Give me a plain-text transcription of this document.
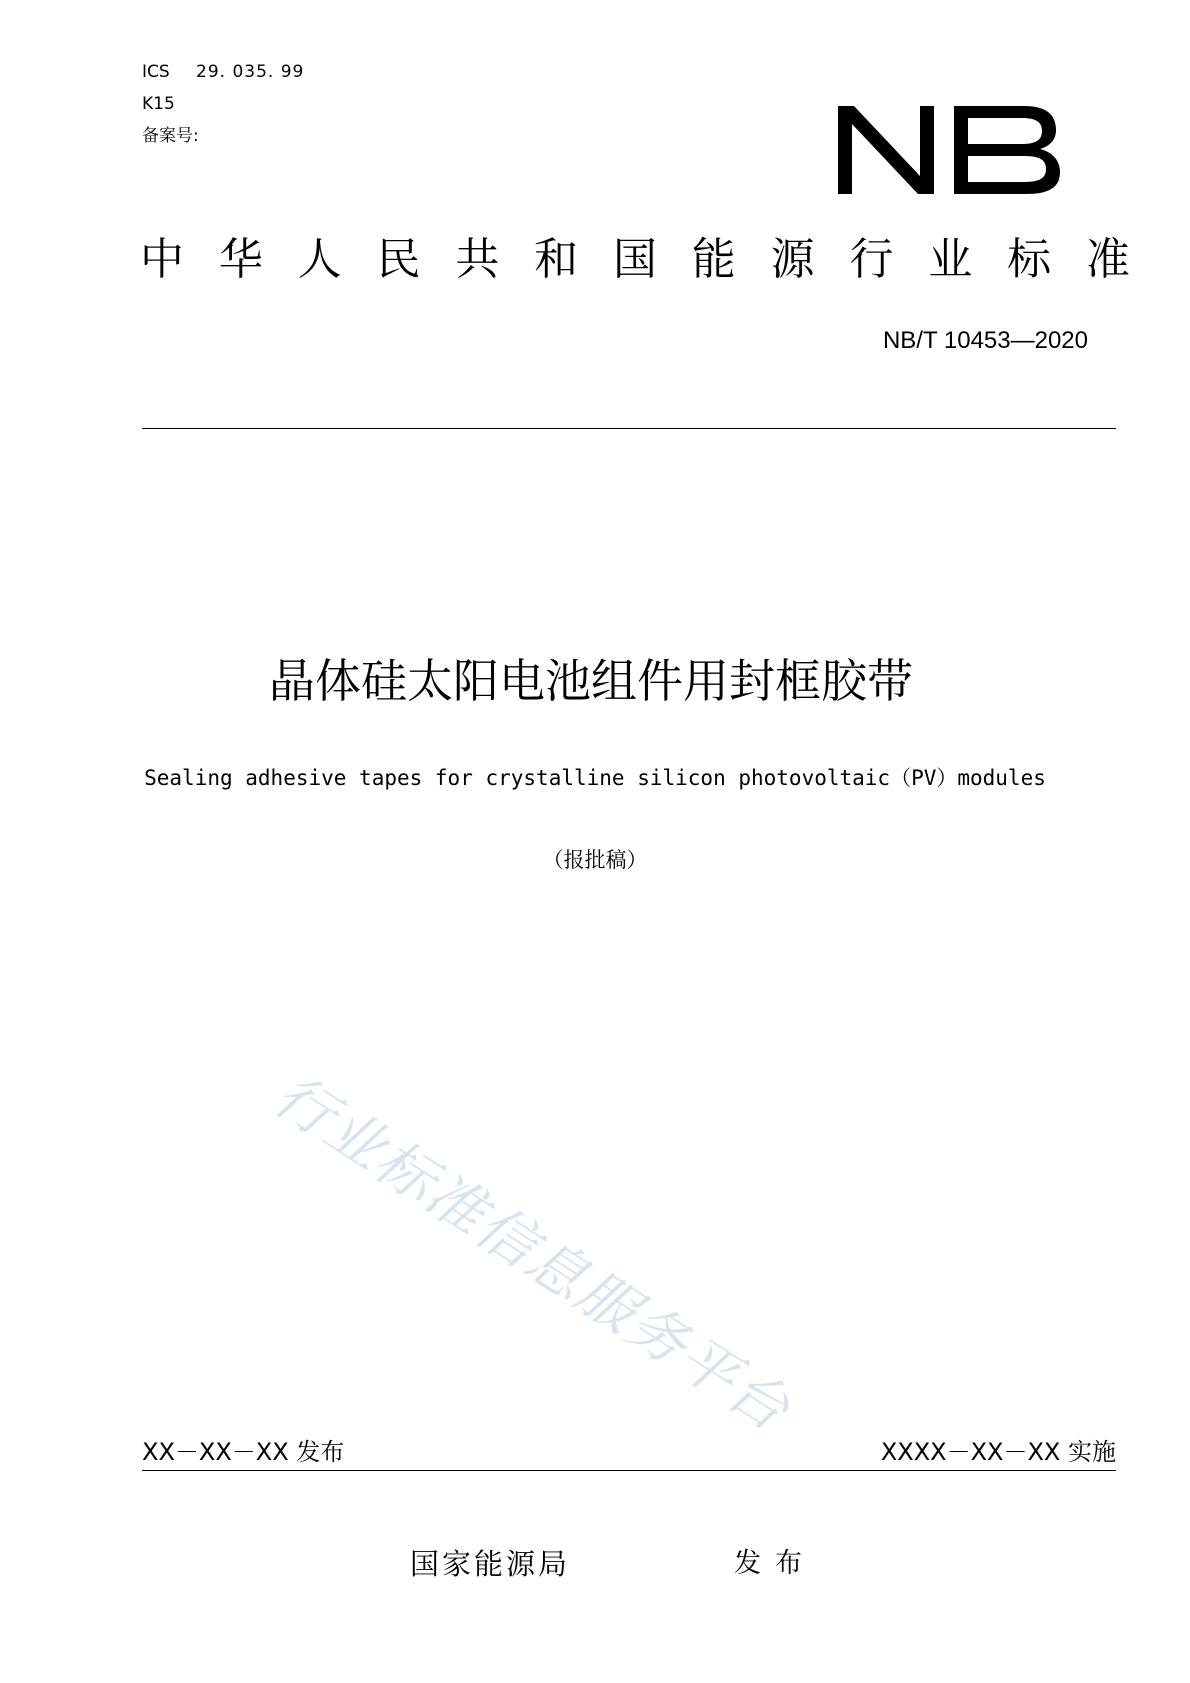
ICS 29. 035. 99
K15
备案号:
中 华 人 民 共 和 国 能 源 行 业 标 准
NB/T 10453—2020
晶体硅太阳电池组件用封框胶带
Sealing adhesive tapes for crystalline silicon photovoltaic（PV）modules
（报批稿）
行业标准信息服务平台
XX－XX－XX 发布	XXXX－XX－XX 实施
国家能源局	发布
